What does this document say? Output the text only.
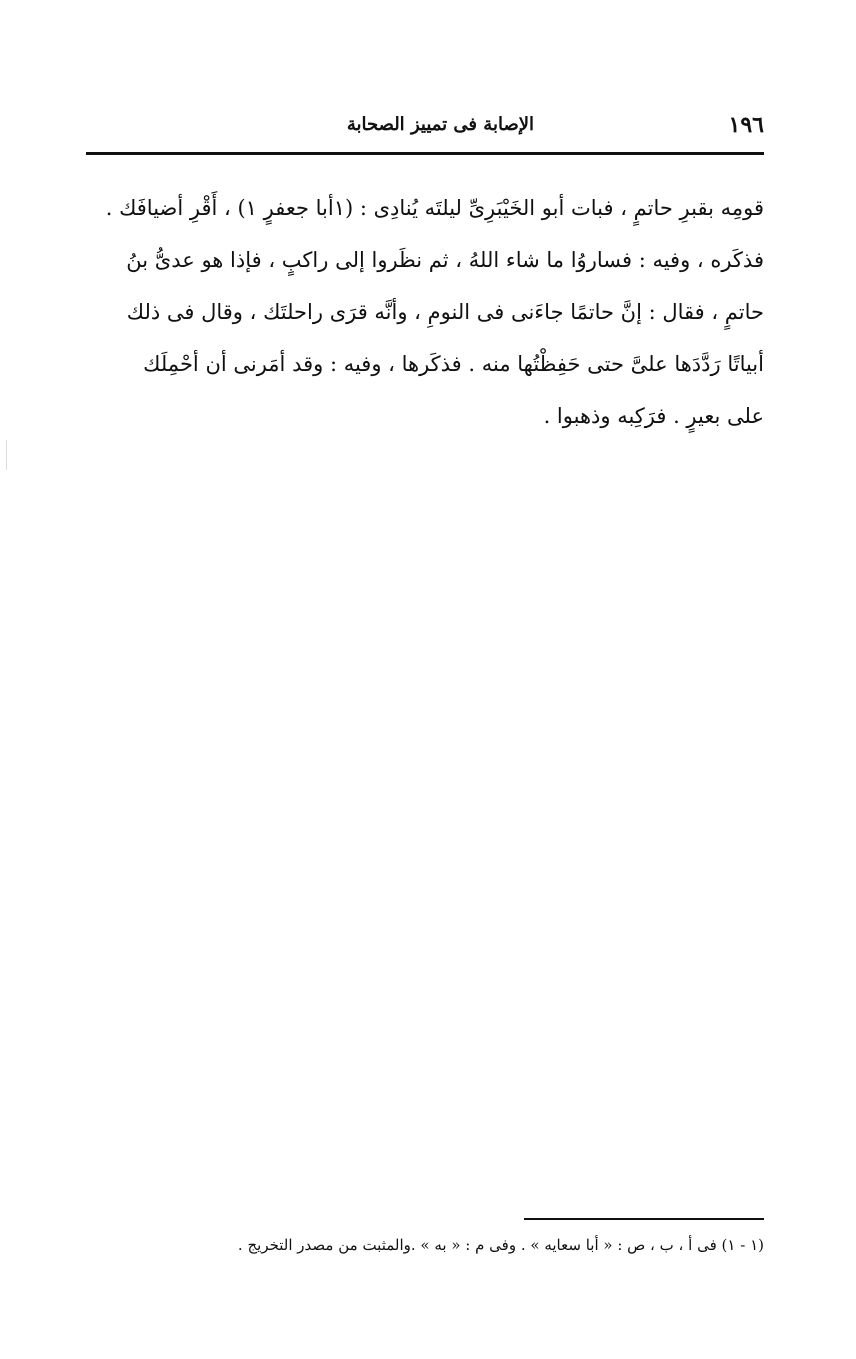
١٩٦
الإصابة فى تمييز الصحابة
قومِه بقبرِ حاتمٍ ، فبات أبو الخَيْبَرِىِّ ليلتَه يُنادِى : (١أبا جعفرٍ ١) ، أَقْرِ أضيافَك .
فذكَره ، وفيه : فساروُا ما شاء اللهُ ، ثم نظَروا إلى راكبٍ ، فإذا هو عدىُّ بنُ
حاتمٍ ، فقال : إنَّ حاتمًا جاءَنى فى النومِ ، وأنَّه قرَى راحلتَك ، وقال فى ذلك
أبياتًا رَدَّدَها علىَّ حتى حَفِظْتُها منه . فذكَرها ، وفيه : وقد أمَرنى أن أحْمِلَك
على بعيرٍ . فرَكِبه وذهبوا .
(١ - ١) فى أ ، ب ، ص : « أبا سعايه » . وفى م : « به » .والمثبت من مصدر التخريج .
